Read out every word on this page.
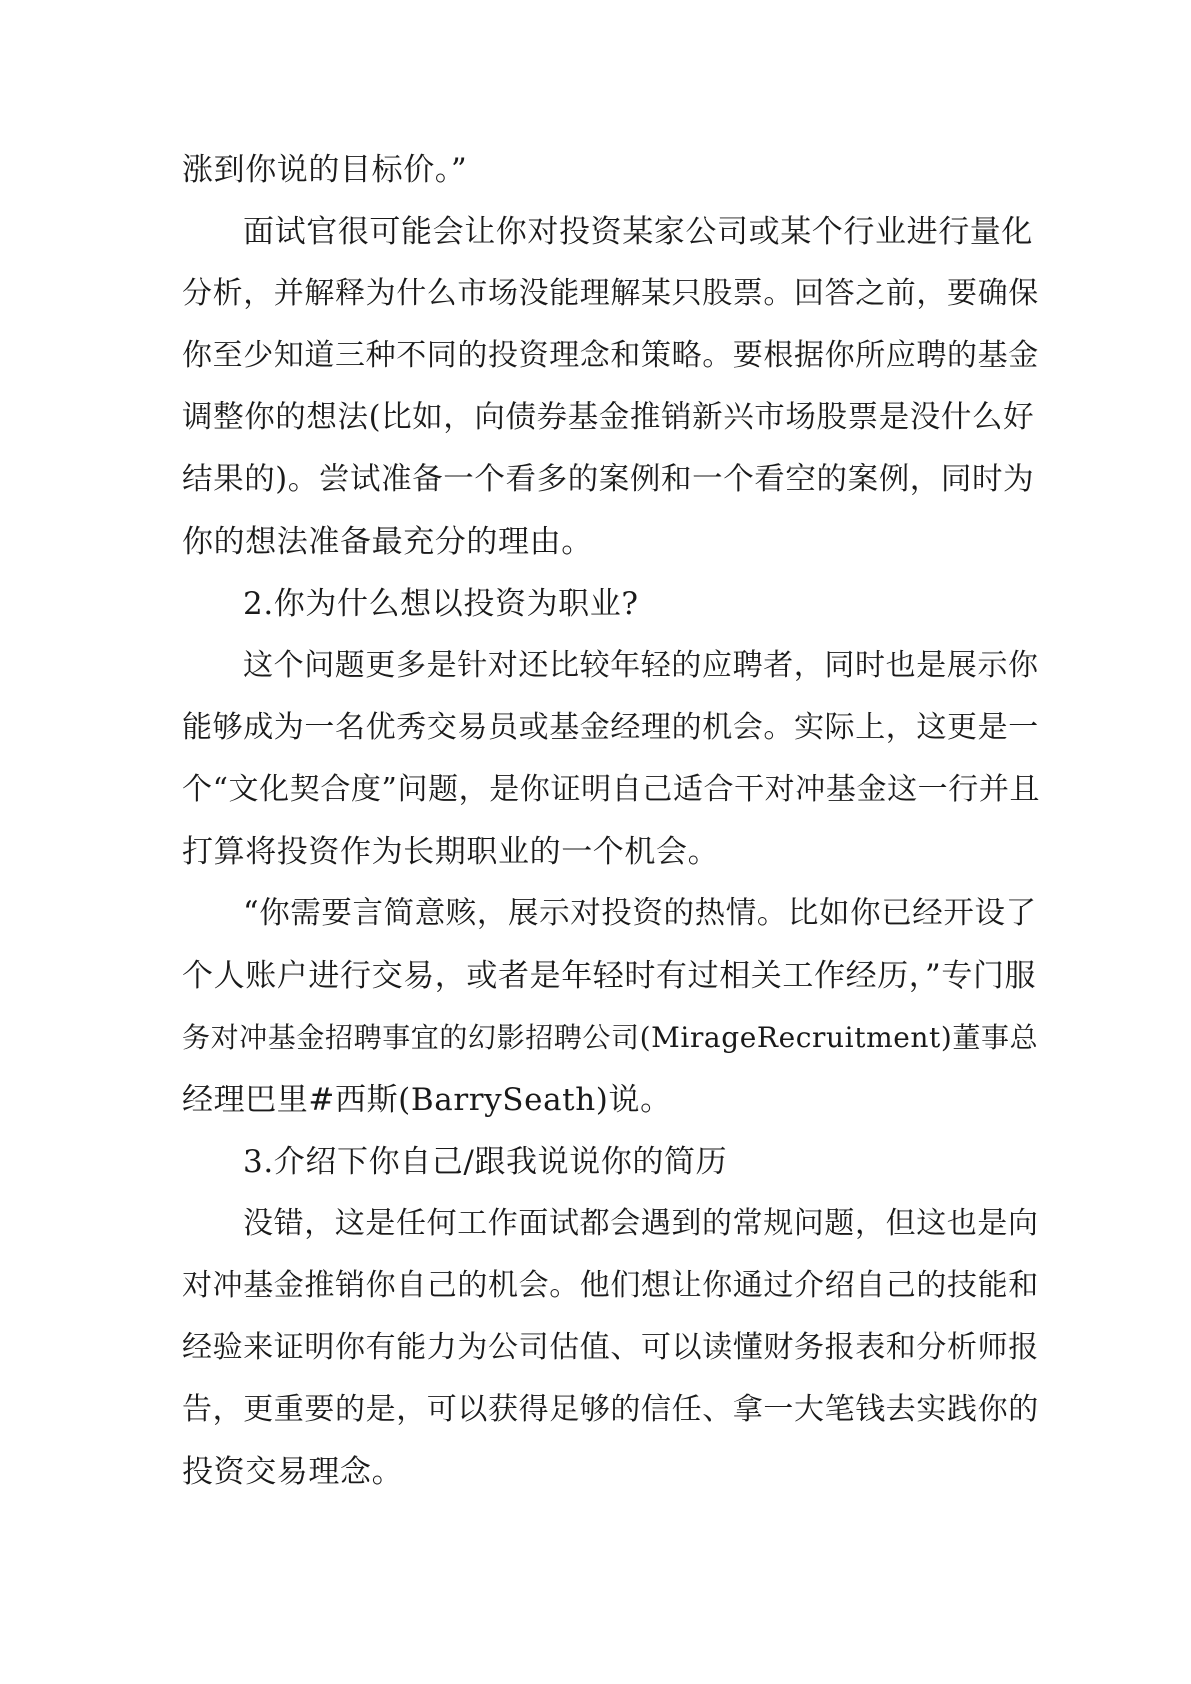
涨到你说的目标价。”
面试官很可能会让你对投资某家公司或某个行业进行量化
分析，并解释为什么市场没能理解某只股票。回答之前，要确保
你至少知道三种不同的投资理念和策略。要根据你所应聘的基金
调整你的想法(比如，向债券基金推销新兴市场股票是没什么好
结果的)。尝试准备一个看多的案例和一个看空的案例，同时为
你的想法准备最充分的理由。
2.你为什么想以投资为职业?
这个问题更多是针对还比较年轻的应聘者，同时也是展示你
能够成为一名优秀交易员或基金经理的机会。实际上，这更是一
个“文化契合度”问题，是你证明自己适合干对冲基金这一行并且
打算将投资作为长期职业的一个机会。
“你需要言简意赅，展示对投资的热情。比如你已经开设了
个人账户进行交易，或者是年轻时有过相关工作经历，”专门服
务对冲基金招聘事宜的幻影招聘公司(MirageRecruitment)董事总
经理巴里#西斯(BarrySeath)说。
3.介绍下你自己/跟我说说你的简历
没错，这是任何工作面试都会遇到的常规问题，但这也是向
对冲基金推销你自己的机会。他们想让你通过介绍自己的技能和
经验来证明你有能力为公司估值、可以读懂财务报表和分析师报
告，更重要的是，可以获得足够的信任、拿一大笔钱去实践你的
投资交易理念。
